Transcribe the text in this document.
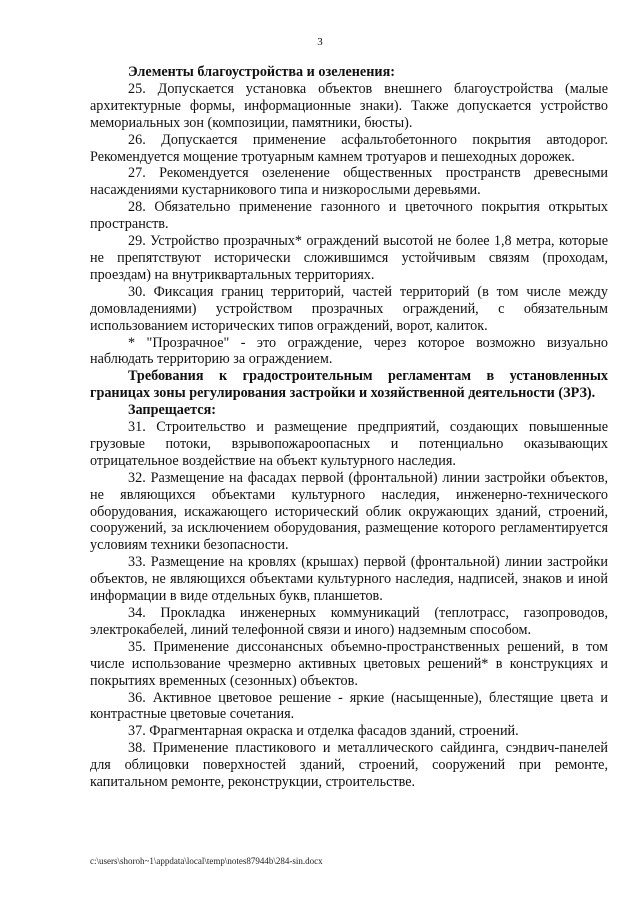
3

Элементы благоустройства и озеленения:

25. Допускается установка объектов внешнего благоустройства (малые архитектурные формы, информационные знаки). Также допускается устройство мемориальных зон (композиции, памятники, бюсты).

26. Допускается применение асфальтобетонного покрытия автодорог. Рекомендуется мощение тротуарным камнем тротуаров и пешеходных дорожек.

27. Рекомендуется озеленение общественных пространств древесными насаждениями кустарникового типа и низкорослыми деревьями.

28. Обязательно применение газонного и цветочного покрытия открытых пространств.

29. Устройство прозрачных* ограждений высотой не более 1,8 метра, которые не препятствуют исторически сложившимся устойчивым связям (проходам, проездам) на внутриквартальных территориях.

30. Фиксация границ территорий, частей территорий (в том числе между домовладениями) устройством прозрачных ограждений, с обязательным использованием исторических типов ограждений, ворот, калиток.

* "Прозрачное" - это ограждение, через которое возможно визуально наблюдать территорию за ограждением.

Требования к градостроительным регламентам в установленных границах зоны регулирования застройки и хозяйственной деятельности (ЗРЗ).

Запрещается:

31. Строительство и размещение предприятий, создающих повышенные грузовые потоки, взрывопожароопасных и потенциально оказывающих отрицательное воздействие на объект культурного наследия.

32. Размещение на фасадах первой (фронтальной) линии застройки объектов, не являющихся объектами культурного наследия, инженерно-технического оборудования, искажающего исторический облик окружающих зданий, строений, сооружений, за исключением оборудования, размещение которого регламентируется условиям техники безопасности.

33. Размещение на кровлях (крышах) первой (фронтальной) линии застройки объектов, не являющихся объектами культурного наследия, надписей, знаков и иной информации в виде отдельных букв, планшетов.

34. Прокладка инженерных коммуникаций (теплотрасс, газопроводов, электрокабелей, линий телефонной связи и иного) надземным способом.

35. Применение диссонансных объемно-пространственных решений, в том числе использование чрезмерно активных цветовых решений* в конструкциях и покрытиях временных (сезонных) объектов.

36. Активное цветовое решение - яркие (насыщенные), блестящие цвета и контрастные цветовые сочетания.

37. Фрагментарная окраска и отделка фасадов зданий, строений.

38. Применение пластикового и металлического сайдинга, сэндвич-панелей для облицовки поверхностей зданий, строений, сооружений при ремонте, капитальном ремонте, реконструкции, строительстве.

c:\users\shoroh~1\appdata\local\temp\notes87944b\284-sin.docx
